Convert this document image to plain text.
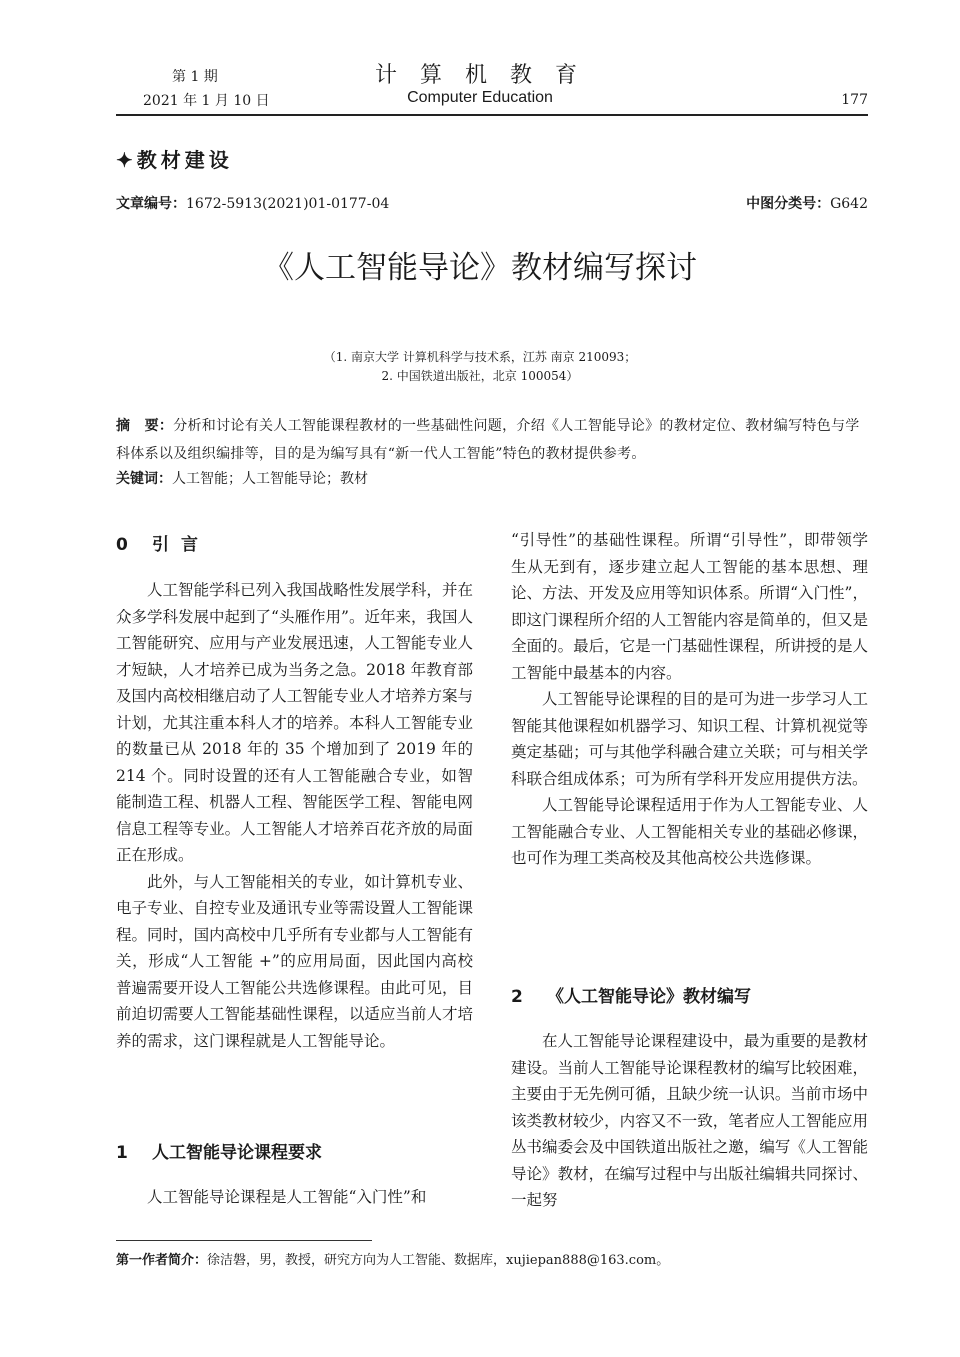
第 1 期
2021 年 1 月 10 日
计 算 机 教 育
Computer Education	177
✦教材建设
文章编号：1672-5913(2021)01-0177-04	中图分类号：G642
《人工智能导论》教材编写探讨
（1. 南京大学 计算机科学与技术系，江苏 南京 210093；
2. 中国铁道出版社，北京 100054）
摘　要：分析和讨论有关人工智能课程教材的一些基础性问题，介绍《人工智能导论》的教材定位、教材编写特色与学科体系以及组织编排等，目的是为编写具有“新一代人工智能”特色的教材提供参考。
关键词：人工智能；人工智能导论；教材
0 引言

人工智能学科已列入我国战略性发展学科，并在众多学科发展中起到了“头雁作用”。近年来，我国人工智能研究、应用与产业发展迅速，人工智能专业人才短缺，人才培养已成为当务之急。2018 年教育部及国内高校相继启动了人工智能专业人才培养方案与计划，尤其注重本科人才的培养。本科人工智能专业的数量已从 2018 年的 35 个增加到了 2019 年的 214 个。同时设置的还有人工智能融合专业，如智能制造工程、机器人工程、智能医学工程、智能电网信息工程等专业。人工智能人才培养百花齐放的局面正在形成。

此外，与人工智能相关的专业，如计算机专业、电子专业、自控专业及通讯专业等需设置人工智能课程。同时，国内高校中几乎所有专业都与人工智能有关，形成“人工智能 +”的应用局面，因此国内高校普遍需要开设人工智能公共选修课程。由此可见，目前迫切需要人工智能基础性课程，以适应当前人才培养的需求，这门课程就是人工智能导论。

1 人工智能导论课程要求

人工智能导论课程是人工智能“入门性”和

“引导性”的基础性课程。所谓“引导性”，即带领学生从无到有，逐步建立起人工智能的基本思想、理论、方法、开发及应用等知识体系。所谓“入门性”，即这门课程所介绍的人工智能内容是简单的，但又是全面的。最后，它是一门基础性课程，所讲授的是人工智能中最基本的内容。

人工智能导论课程的目的是可为进一步学习人工智能其他课程如机器学习、知识工程、计算机视觉等奠定基础；可与其他学科融合建立关联；可与相关学科联合组成体系；可为所有学科开发应用提供方法。

人工智能导论课程适用于作为人工智能专业、人工智能融合专业、人工智能相关专业的基础必修课，也可作为理工类高校及其他高校公共选修课。

2 《人工智能导论》教材编写

在人工智能导论课程建设中，最为重要的是教材建设。当前人工智能导论课程教材的编写比较困难，主要由于无先例可循，且缺少统一认识。当前市场中该类教材较少，内容又不一致，笔者应人工智能应用丛书编委会及中国铁道出版社之邀，编写《人工智能导论》教材，在编写过程中与出版社编辑共同探讨、一起努

第一作者简介：徐洁磐，男，教授，研究方向为人工智能、数据库，xujiepan888@163.com。
